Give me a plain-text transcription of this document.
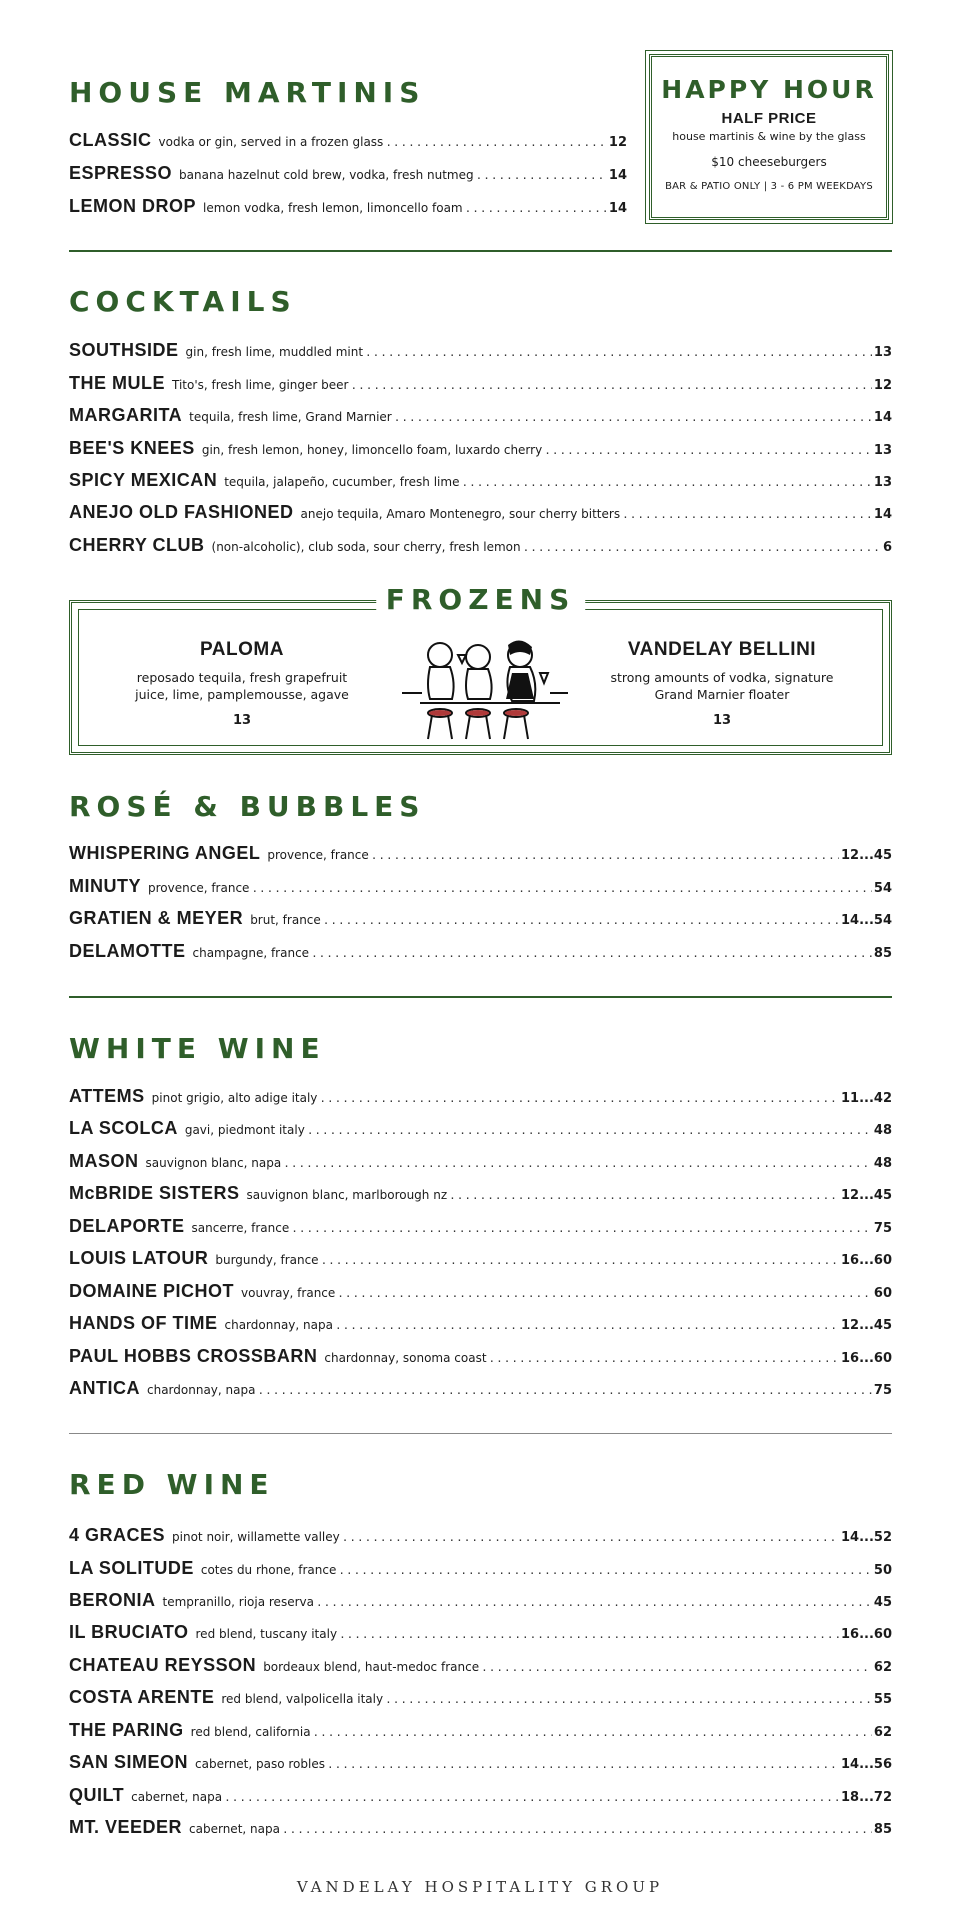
HOUSE MARTINIS
CLASSIC vodka or gin, served in a frozen glass .....	12
ESPRESSO banana hazelnut cold brew, vodka, fresh nutmeg .....	14
LEMON DROP lemon vodka, fresh lemon, limoncello foam .....	14
HAPPY HOUR
HALF PRICE
house martinis & wine by the glass
$10 cheeseburgers
BAR & PATIO ONLY | 3 - 6 PM WEEKDAYS
COCKTAILS
SOUTHSIDE gin, fresh lime, muddled mint .....	13
THE MULE Tito's, fresh lime, ginger beer .....	12
MARGARITA tequila, fresh lime, Grand Marnier .....	14
BEE'S KNEES gin, fresh lemon, honey, limoncello foam, luxardo cherry .....	13
SPICY MEXICAN tequila, jalapeño, cucumber, fresh lime .....	13
ANEJO OLD FASHIONED anejo tequila, Amaro Montenegro, sour cherry bitters .....	14
CHERRY CLUB (non-alcoholic), club soda, sour cherry, fresh lemon .....	6
FROZENS
PALOMA
reposado tequila, fresh grapefruit
juice, lime, pamplemousse, agave
13
VANDELAY BELLINI
strong amounts of vodka, signature
Grand Marnier floater
13
ROSÉ & BUBBLES
WHISPERING ANGEL provence, france .....	12...45
MINUTY provence, france .....	54
GRATIEN & MEYER brut, france .....	14...54
DELAMOTTE champagne, france .....	85
WHITE WINE
ATTEMS pinot grigio, alto adige italy .....	11...42
LA SCOLCA gavi, piedmont italy .....	48
MASON sauvignon blanc, napa .....	48
McBRIDE SISTERS sauvignon blanc, marlborough nz .....	12...45
DELAPORTE sancerre, france .....	75
LOUIS LATOUR burgundy, france .....	16...60
DOMAINE PICHOT vouvray, france .....	60
HANDS OF TIME chardonnay, napa .....	12...45
PAUL HOBBS CROSSBARN chardonnay, sonoma coast .....	16...60
ANTICA chardonnay, napa .....	75
RED WINE
4 GRACES pinot noir, willamette valley .....	14...52
LA SOLITUDE cotes du rhone, france .....	50
BERONIA tempranillo, rioja reserva .....	45
IL BRUCIATO red blend, tuscany italy .....	16...60
CHATEAU REYSSON bordeaux blend, haut-medoc france .....	62
COSTA ARENTE red blend, valpolicella italy .....	55
THE PARING red blend, california .....	62
SAN SIMEON cabernet, paso robles .....	14...56
QUILT cabernet, napa .....	18...72
MT. VEEDER cabernet, napa .....	85
VANDELAY HOSPITALITY GROUP
